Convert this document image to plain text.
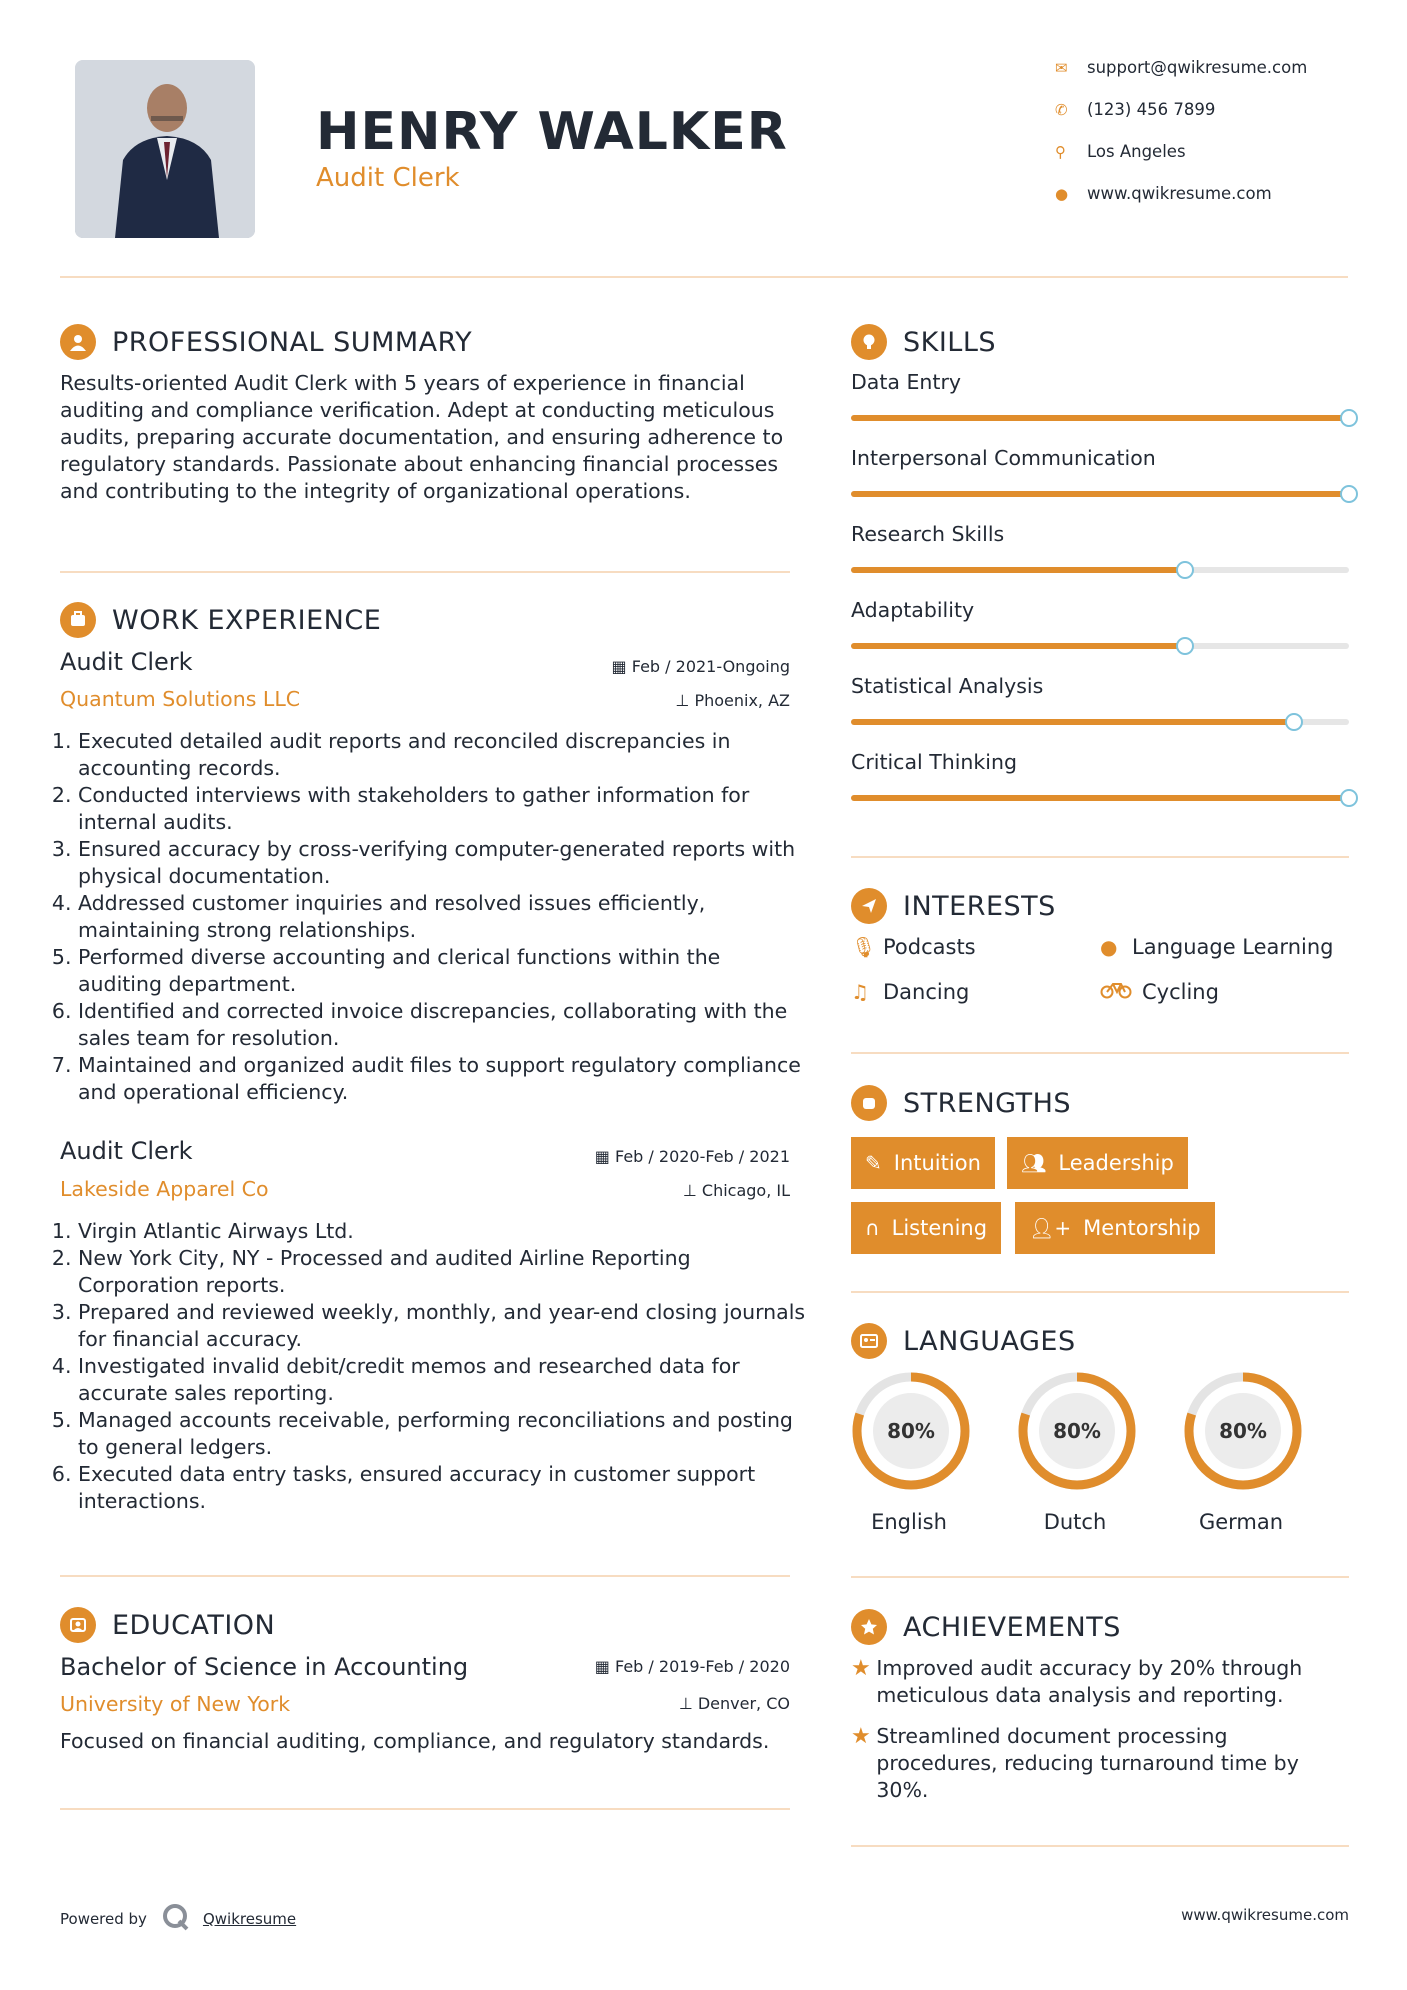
HENRY WALKER
Audit Clerk
✉	support@qwikresume.com
✆	(123) 456 7899
⚲	Los Angeles
●	www.qwikresume.com
PROFESSIONAL SUMMARY
Results-oriented Audit Clerk with 5 years of experience in financial auditing and compliance verification. Adept at conducting meticulous audits, preparing accurate documentation, and ensuring adherence to regulatory standards. Passionate about enhancing financial processes and contributing to the integrity of organizational operations.
WORK EXPERIENCE
Audit Clerk	▦ Feb / 2021-Ongoing
Quantum Solutions LLC	⊥ Phoenix, AZ
1. Executed detailed audit reports and reconciled discrepancies in accounting records.
2. Conducted interviews with stakeholders to gather information for internal audits.
3. Ensured accuracy by cross-verifying computer-generated reports with physical documentation.
4. Addressed customer inquiries and resolved issues efficiently, maintaining strong relationships.
5. Performed diverse accounting and clerical functions within the auditing department.
6. Identified and corrected invoice discrepancies, collaborating with the sales team for resolution.
7. Maintained and organized audit files to support regulatory compliance and operational efficiency.
Audit Clerk	▦ Feb / 2020-Feb / 2021
Lakeside Apparel Co	⊥ Chicago, IL
1. Virgin Atlantic Airways Ltd.
2. New York City, NY - Processed and audited Airline Reporting Corporation reports.
3. Prepared and reviewed weekly, monthly, and year-end closing journals for financial accuracy.
4. Investigated invalid debit/credit memos and researched data for accurate sales reporting.
5. Managed accounts receivable, performing reconciliations and posting to general ledgers.
6. Executed data entry tasks, ensured accuracy in customer support interactions.
EDUCATION
Bachelor of Science in Accounting	▦ Feb / 2019-Feb / 2020
University of New York	⊥ Denver, CO
Focused on financial auditing, compliance, and regulatory standards.
SKILLS
Data Entry
Interpersonal Communication
Research Skills
Adaptability
Statistical Analysis
Critical Thinking
INTERESTS
🎙︎ Podcasts	● Language Learning
♫ Dancing	Cycling
STRENGTHS
✎ Intuition 👥︎ Leadership
∩ Listening 👤︎+ Mentorship
LANGUAGES
80%
English
80%
Dutch
80%
German
ACHIEVEMENTS
★ Improved audit accuracy by 20% through meticulous data analysis and reporting.
★ Streamlined document processing procedures, reducing turnaround time by 30%.
Powered by	Qwikresume	www.qwikresume.com
